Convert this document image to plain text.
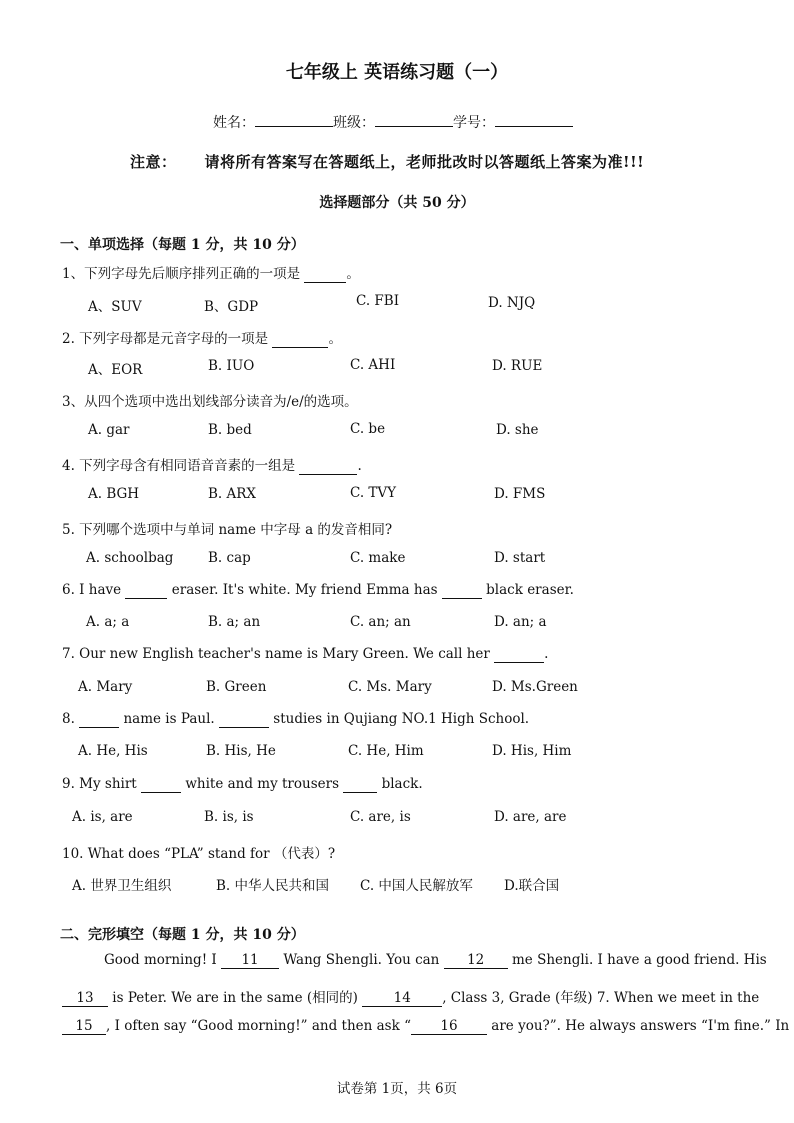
七年级上 英语练习题（一）
姓名：	班级：	学号：
注意： 请将所有答案写在答题纸上，老师批改时以答题纸上答案为准!!!
选择题部分（共 50 分）
一、单项选择（每题 1 分，共 10 分）
1、下列字母先后顺序排列正确的一项是	。
A、SUV	B、GDP	C. FBI	D. NJQ
2. 下列字母都是元音字母的一项是	。
A、EOR	B. IUO	C. AHI	D. RUE
3、从四个选项中选出划线部分读音为/e/的选项。
A. gar	B. bed	C. be	D. she
4. 下列字母含有相同语音音素的一组是	.
A. BGH	B. ARX	C. TVY	D. FMS
5. 下列哪个选项中与单词 name 中字母 a 的发音相同?
A. schoolbag	B. cap	C. make	D. start
6. I have	eraser. It's white. My friend Emma has	black eraser.
A. a; a	B. a; an	C. an; an	D. an; a
7. Our new English teacher's name is Mary Green. We call her	.
A. Mary	B. Green	C. Ms. Mary	D. Ms.Green
8.	name is Paul.	studies in Qujiang NO.1 High School.
A. He, His	B. His, He	C. He, Him	D. His, Him
9. My shirt	white and my trousers	black.
A. is, are	B. is, is	C. are, is	D. are, are
10. What does “PLA” stand for （代表）?
A. 世界卫生组织	B. 中华人民共和国 C. 中国人民解放军 D.联合国
二、完形填空（每题 1 分，共 10 分）
Good morning! I 11 Wang Shengli. You can 12 me Shengli. I have a good friend. His
13 is Peter. We are in the same (相同的)	14 , Class 3, Grade (年级) 7. When we meet in the
15 , I often say “Good morning!” and then ask “ 16 are you?”. He always answers “I'm fine.” In
试卷第 1页，共 6页
